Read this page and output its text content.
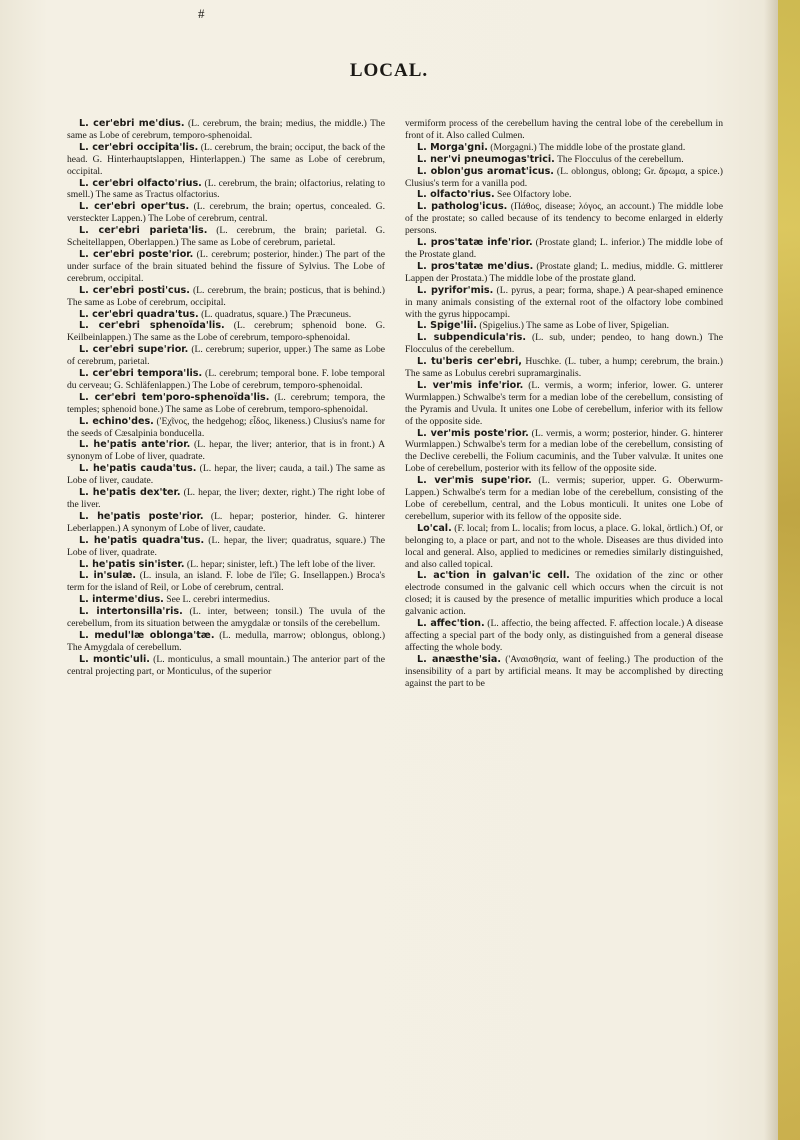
#
LOCAL.

L. cer'ebri me'dius. (L. cerebrum, the brain; medius, the middle.) The same as Lobe of cerebrum, temporo-sphenoidal.

L. cer'ebri occipita'lis. (L. cerebrum, the brain; occiput, the back of the head. G. Hinterhauptslappen, Hinterlappen.) The same as Lobe of cerebrum, occipital.

L. cer'ebri olfacto'rius. (L. cerebrum, the brain; olfactorius, relating to smell.) The same as Tractus olfactorius.

L. cer'ebri oper'tus. (L. cerebrum, the brain; opertus, concealed. G. versteckter Lappen.) The Lobe of cerebrum, central.

L. cer'ebri parieta'lis. (L. cerebrum, the brain; parietal. G. Scheitellappen, Oberlappen.) The same as Lobe of cerebrum, parietal.

L. cer'ebri poste'rior. (L. cerebrum; posterior, hinder.) The part of the under surface of the brain situated behind the fissure of Sylvius. The Lobe of cerebrum, occipital.

L. cer'ebri posti'cus. (L. cerebrum, the brain; posticus, that is behind.) The same as Lobe of cerebrum, occipital.

L. cer'ebri quadra'tus. (L. quadratus, square.) The Præcuneus.

L. cer'ebri sphenoïda'lis. (L. cerebrum; sphenoid bone. G. Keilbeinlappen.) The same as the Lobe of cerebrum, temporo-sphenoidal.

L. cer'ebri supe'rior. (L. cerebrum; superior, upper.) The same as Lobe of cerebrum, parietal.

L. cer'ebri tempora'lis. (L. cerebrum; temporal bone. F. lobe temporal du cerveau; G. Schläfenlappen.) The Lobe of cerebrum, temporo-sphenoidal.

L. cer'ebri tem'poro-sphenoïda'lis. (L. cerebrum; tempora, the temples; sphenoid bone.) The same as Lobe of cerebrum, temporo-sphenoidal.

L. echino'des. ('Εχῖνος, the hedgehog; εἶδος, likeness.) Clusius's name for the seeds of Cæsalpinia bonducella.

L. he'patis ante'rior. (L. hepar, the liver; anterior, that is in front.) A synonym of Lobe of liver, quadrate.

L. he'patis cauda'tus. (L. hepar, the liver; cauda, a tail.) The same as Lobe of liver, caudate.

L. he'patis dex'ter. (L. hepar, the liver; dexter, right.) The right lobe of the liver.

L. he'patis poste'rior. (L. hepar; posterior, hinder. G. hinterer Leberlappen.) A synonym of Lobe of liver, caudate.

L. he'patis quadra'tus. (L. hepar, the liver; quadratus, square.) The Lobe of liver, quadrate.

L. he'patis sin'ister. (L. hepar; sinister, left.) The left lobe of the liver.

L. in'sulæ. (L. insula, an island. F. lobe de l'île; G. Insellappen.) Broca's term for the island of Reil, or Lobe of cerebrum, central.

L. interme'dius. See L. cerebri intermedius.

L. intertonsilla'ris. (L. inter, between; tonsil.) The uvula of the cerebellum, from its situation between the amygdalæ or tonsils of the cerebellum.

L. medul'læ oblonga'tæ. (L. medulla, marrow; oblongus, oblong.) The Amygdala of cerebellum.

L. montic'uli. (L. monticulus, a small mountain.) The anterior part of the central projecting part, or Monticulus, of the superior

vermiform process of the cerebellum having the central lobe of the cerebellum in front of it. Also called Culmen.

L. Morga'gni. (Morgagni.) The middle lobe of the prostate gland.

L. ner'vi pneumogas'trici. The Flocculus of the cerebellum.

L. oblon'gus aromat'icus. (L. oblongus, oblong; Gr. ἄρωμα, a spice.) Clusius's term for a vanilla pod.

L. olfacto'rius. See Olfactory lobe.

L. patholog'icus. (Πάθος, disease; λόγος, an account.) The middle lobe of the prostate; so called because of its tendency to become enlarged in elderly persons.

L. pros'tatæ infe'rior. (Prostate gland; L. inferior.) The middle lobe of the Prostate gland.

L. pros'tatæ me'dius. (Prostate gland; L. medius, middle. G. mittlerer Lappen der Prostata.) The middle lobe of the prostate gland.

L. pyrifor'mis. (L. pyrus, a pear; forma, shape.) A pear-shaped eminence in many animals consisting of the external root of the olfactory lobe combined with the gyrus hippocampi.

L. Spige'lii. (Spigelius.) The same as Lobe of liver, Spigelian.

L. subpendicula'ris. (L. sub, under; pendeo, to hang down.) The Flocculus of the cerebellum.

L. tu'beris cer'ebri, Huschke. (L. tuber, a hump; cerebrum, the brain.) The same as Lobulus cerebri supramarginalis.

L. ver'mis infe'rior. (L. vermis, a worm; inferior, lower. G. unterer Wurmlappen.) Schwalbe's term for a median lobe of the cerebellum, consisting of the Pyramis and Uvula. It unites one Lobe of cerebellum, inferior with its fellow of the opposite side.

L. ver'mis poste'rior. (L. vermis, a worm; posterior, hinder. G. hinterer Wurmlappen.) Schwalbe's term for a median lobe of the cerebellum, consisting of the Declive cerebelli, the Folium cacuminis, and the Tuber valvulæ. It unites one Lobe of cerebellum, posterior with its fellow of the opposite side.

L. ver'mis supe'rior. (L. vermis; superior, upper. G. Oberwurm-Lappen.) Schwalbe's term for a median lobe of the cerebellum, consisting of the Lobe of cerebellum, central, and the Lobus monticuli. It unites one Lobe of cerebellum, superior with its fellow of the opposite side.

Lo'cal. (F. local; from L. localis; from locus, a place. G. lokal, örtlich.) Of, or belonging to, a place or part, and not to the whole. Diseases are thus divided into local and general. Also, applied to medicines or remedies similarly distinguished, and also called topical.

L. ac'tion in galvan'ic cell. The oxidation of the zinc or other electrode consumed in the galvanic cell which occurs when the circuit is not closed; it is caused by the presence of metallic impurities which produce a local galvanic action.

L. affec'tion. (L. affectio, the being affected. F. affection locale.) A disease affecting a special part of the body only, as distinguished from a general disease affecting the whole body.

L. anæsthe'sia. ('Αναισθησία, want of feeling.) The production of the insensibility of a part by artificial means. It may be accomplished by directing against the part to be
